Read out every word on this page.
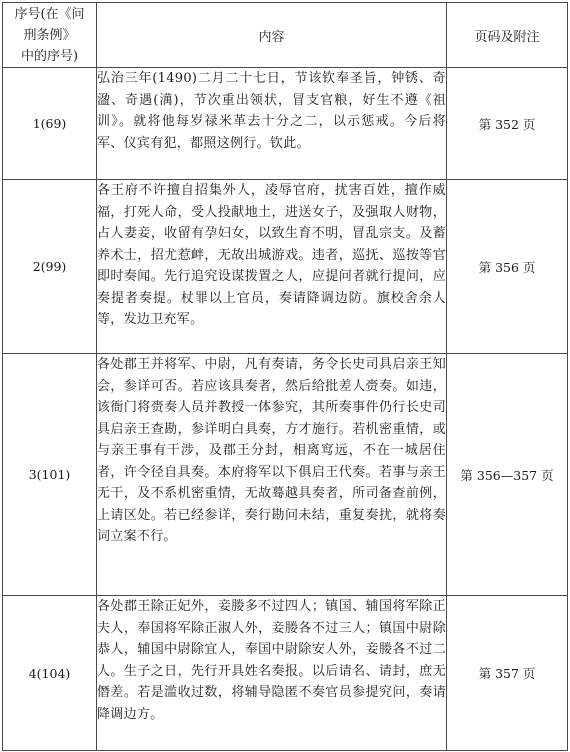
序号(在《问
刑条例》
中的序号)	内容	页码及附注
1(69)	弘治三年(1490)二月二十七日，节该钦奉圣旨，钟锈、奇溋、奇遇(澫)，节次重出领状，冒支官粮，好生不遵《祖训》。就将他每岁禄米革去十分之二，以示惩戒。今后将军、仪宾有犯，都照这例行。钦此。	第 352 页
2(99)	各王府不许擅自招集外人，凌辱官府，扰害百姓，擅作威福，打死人命，受人投献地土，进送女子，及强取人财物，占人妻妾，收留有孕妇女，以致生育不明，冒乱宗支。及蓄养术士，招尤惹衅，无故出城游戏。违者，巡抚、巡按等官即时奏闻。先行追究设谋拨置之人，应提问者就行提问，应奏提者奏提。杖罪以上官员，奏请降调边防。旗校舍余人等，发边卫充军。	第 356 页
3(101)	各处郡王并将军、中尉，凡有奏请，务令长史司具启亲王知会，参详可否。若应该具奏者，然后给批差人赍奏。如违，该衙门将赍奏人员并教授一体参究，其所奏事件仍行长史司具启亲王查勘，参详明白具奏，方才施行。若机密重情，或与亲王事有干涉，及郡王分封，相离窎远，不在一城居住者，许令径自具奏。本府将军以下俱启王代奏。若事与亲王无干，及不系机密重情，无故蓦越具奏者，所司备查前例，上请区处。若已经参详，奏行勘问未结，重复奏扰，就将奏词立案不行。	第 356—357 页
4(104)	各处郡王除正妃外，妾媵多不过四人；镇国、辅国将军除正夫人，奉国将军除正淑人外，妾媵各不过三人；镇国中尉除恭人，辅国中尉除宜人，奉国中尉除安人外，妾媵各不过二人。生子之日，先行开具姓名奏报。以后请名、请封，庶无僭差。若是滥收过数，将辅导隐匿不奏官员参提究问，奏请降调边方。	第 357 页
